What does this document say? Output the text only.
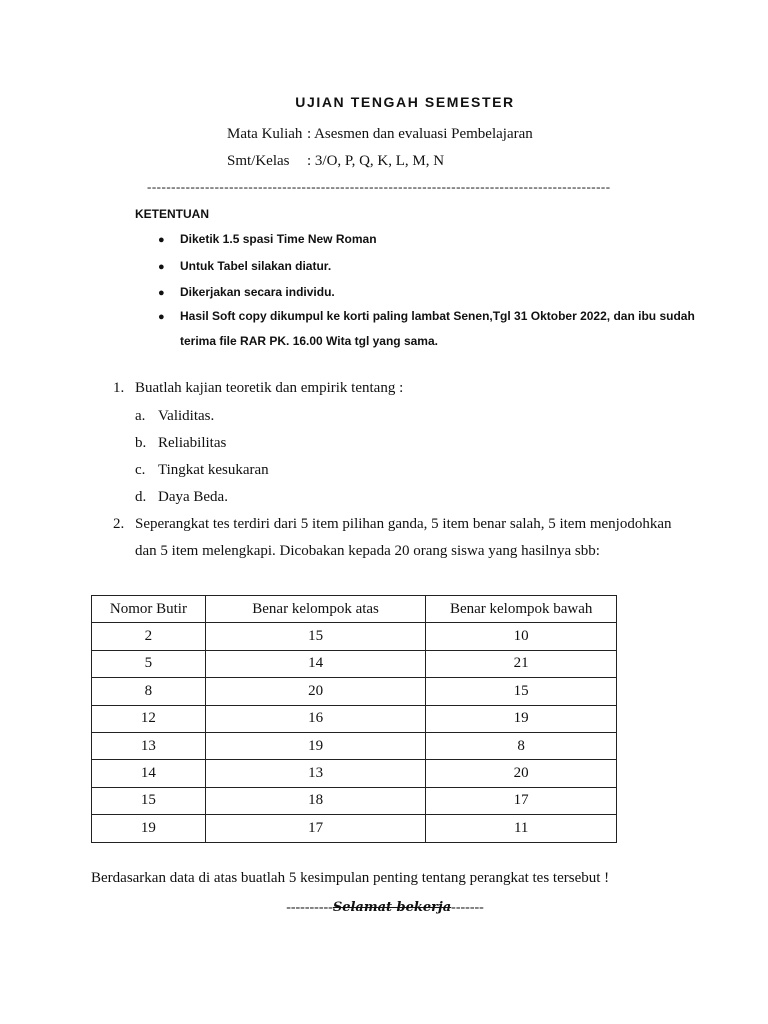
UJIAN TENGAH SEMESTER
Mata Kuliah : Asesmen dan evaluasi Pembelajaran
Smt/Kelas : 3/O, P, Q, K, L, M, N
------------------------------------------------------------------------------------------------
KETENTUAN
● Diketik 1.5 spasi Time New Roman
● Untuk Tabel silakan diatur.
● Dikerjakan secara individu.
● Hasil Soft copy dikumpul ke korti paling lambat Senen,Tgl 31 Oktober 2022, dan ibu sudah
terima file RAR PK. 16.00 Wita tgl yang sama.
1. Buatlah kajian teoretik dan empirik tentang :
a. Validitas.
b. Reliabilitas
c. Tingkat kesukaran
d. Daya Beda.
2. Seperangkat tes terdiri dari 5 item pilihan ganda, 5 item benar salah, 5 item menjodohkan
dan 5 item melengkapi. Dicobakan kepada 20 orang siswa yang hasilnya sbb:
Nomor Butir	Benar kelompok atas	Benar kelompok bawah
2	15	10
5	14	21
8	20	15
12	16	19
13	19	8
14	13	20
15	18	17
19	17	11
Berdasarkan data di atas buatlah 5 kesimpulan penting tentang perangkat tes tersebut !
----------Selamat bekerja-------
